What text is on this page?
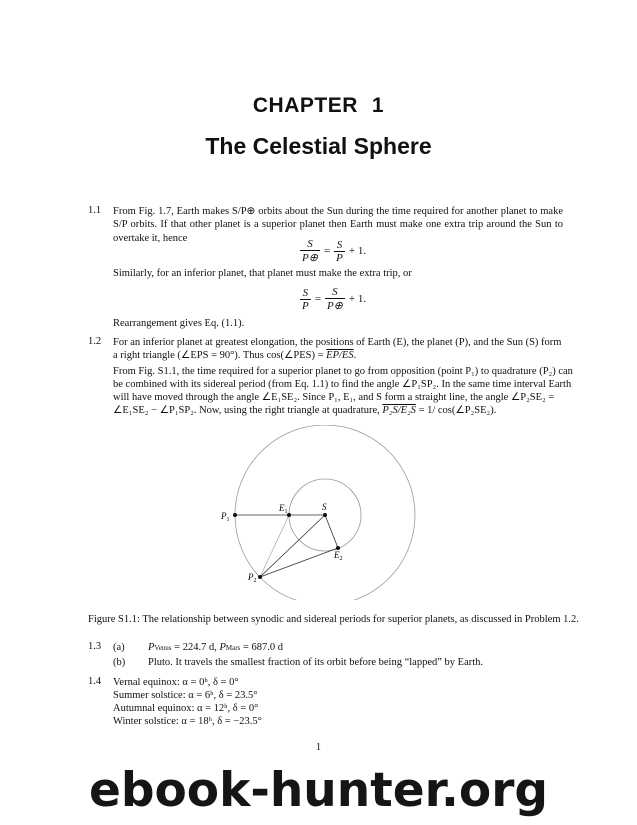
CHAPTER 1
The Celestial Sphere
1.1 From Fig. 1.7, Earth makes S/P⊕ orbits about the Sun during the time required for another planet to make S/P orbits. If that other planet is a superior planet then Earth must make one extra trip around the Sun to overtake it, hence	$\frac{S}{P\oplus} = \frac{S}{P} + 1$.
Similarly, for an inferior planet, that planet must make the extra trip, or
$\frac{S}{P} = \frac{S}{P\oplus} + 1$.
Rearrangement gives Eq. (1.1).
1.2 For an inferior planet at greatest elongation, the positions of Earth (E), the planet (P), and the Sun (S) form
a right triangle (∠EPS = 90°). Thus cos(∠PES) = EP/ES.
From Fig. S1.1, the time required for a superior planet to go from opposition (point P₁) to quadrature (P₂) can
be combined with its sidereal period (from Eq. 1.1) to find the angle ∠P₁SP₂. In the same time interval Earth
will have moved through the angle ∠E₁SE₂. Since P₁, E₁, and S form a straight line, the angle ∠P₂SE₂ =
∠E₁SE₂ − ∠P₁SP₂. Now, using the right triangle at quadrature, P₂S/E₂S = 1/ cos(∠P₂SE₂).
$P_1$
$E_1$	S
$E_2$
$P_2$
Figure S1.1: The relationship between synodic and sidereal periods for superior planets, as discussed in Problem 1.2.
1.3 (a) PVenus = 224.7 d, PMars = 687.0 d
(b) Pluto. It travels the smallest fraction of its orbit before being “lapped” by Earth.
1.4 Vernal equinox: α = 0ʰ, δ = 0°
Summer solstice: α = 6ʰ, δ = 23.5°
Autumnal equinox: α = 12ʰ, δ = 0°
Winter solstice: α = 18ʰ, δ = −23.5°
1
ebook-hunter.org
